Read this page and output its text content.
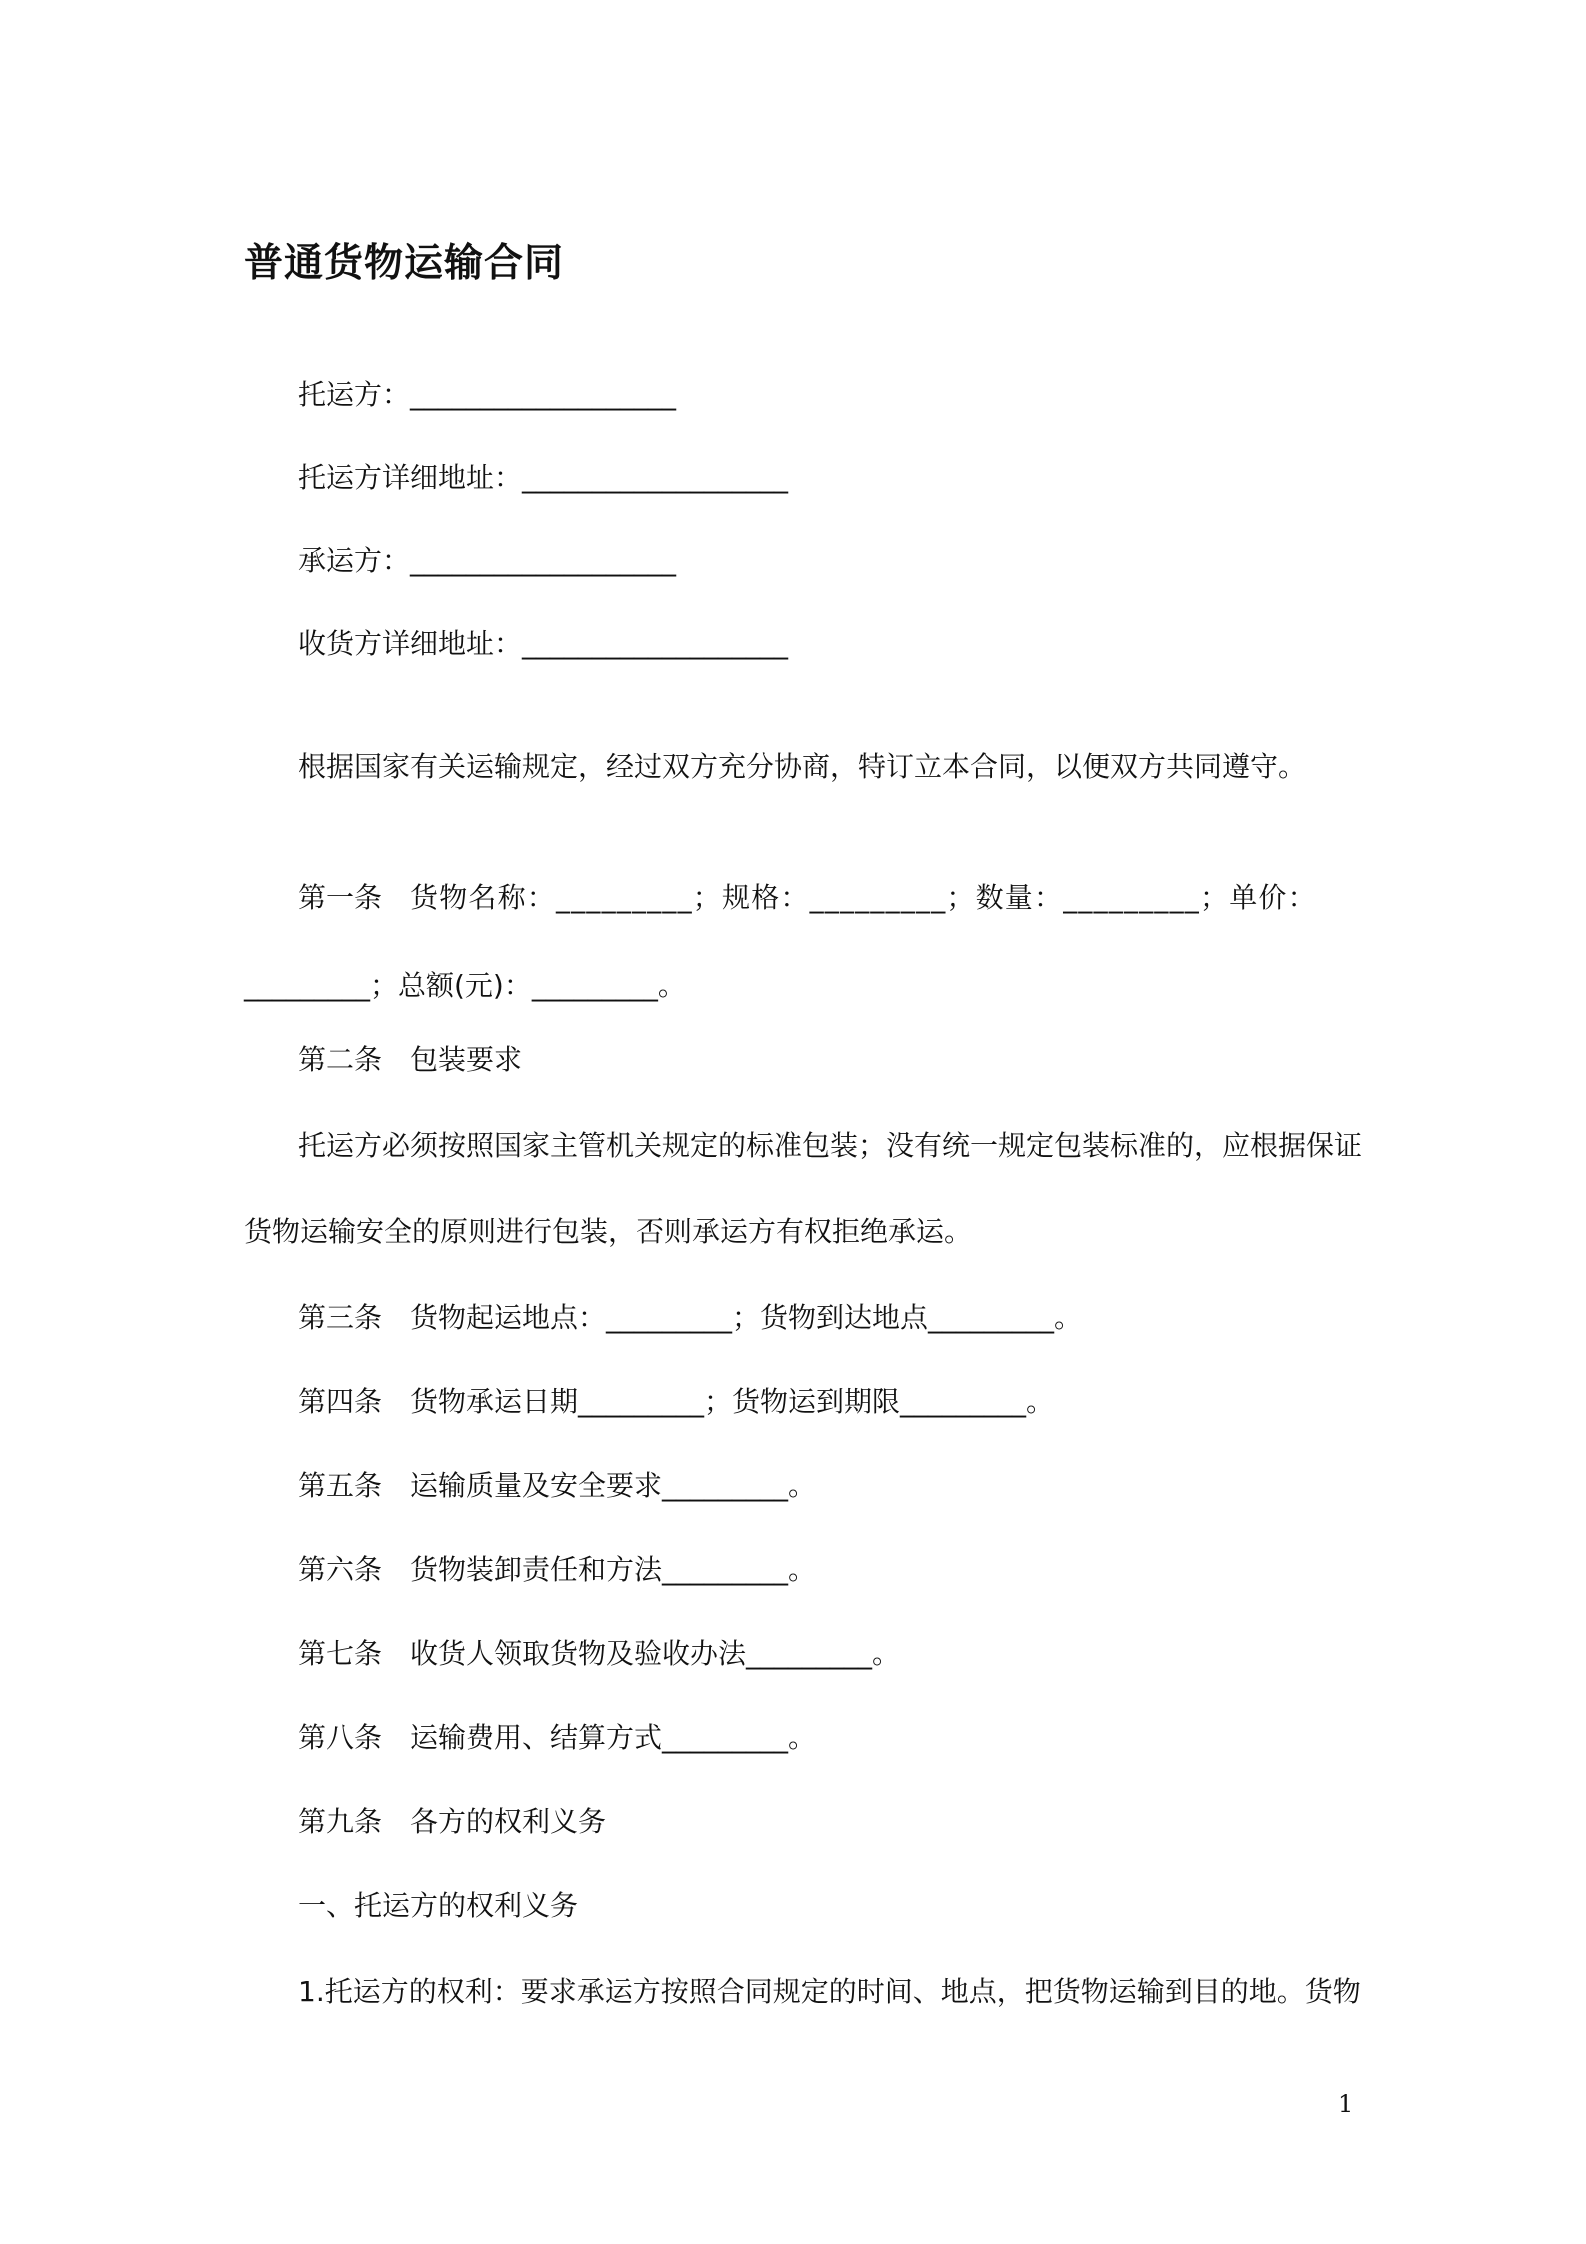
普通货物运输合同
托运方：___________________
托运方详细地址：___________________
承运方：___________________
收货方详细地址：___________________
根据国家有关运输规定，经过双方充分协商，特订立本合同，以便双方共同遵守。
第一条 货物名称：_________；规格：_________；数量：_________；单价：
_________；总额(元)：_________。
第二条 包装要求
托运方必须按照国家主管机关规定的标准包装；没有统一规定包装标准的，应根据保证
货物运输安全的原则进行包装，否则承运方有权拒绝承运。
第三条 货物起运地点：_________；货物到达地点_________。
第四条 货物承运日期_________；货物运到期限_________。
第五条 运输质量及安全要求_________。
第六条 货物装卸责任和方法_________。
第七条 收货人领取货物及验收办法_________。
第八条 运输费用、结算方式_________。
第九条 各方的权利义务
一、托运方的权利义务
1.托运方的权利：要求承运方按照合同规定的时间、地点，把货物运输到目的地。货物
1
